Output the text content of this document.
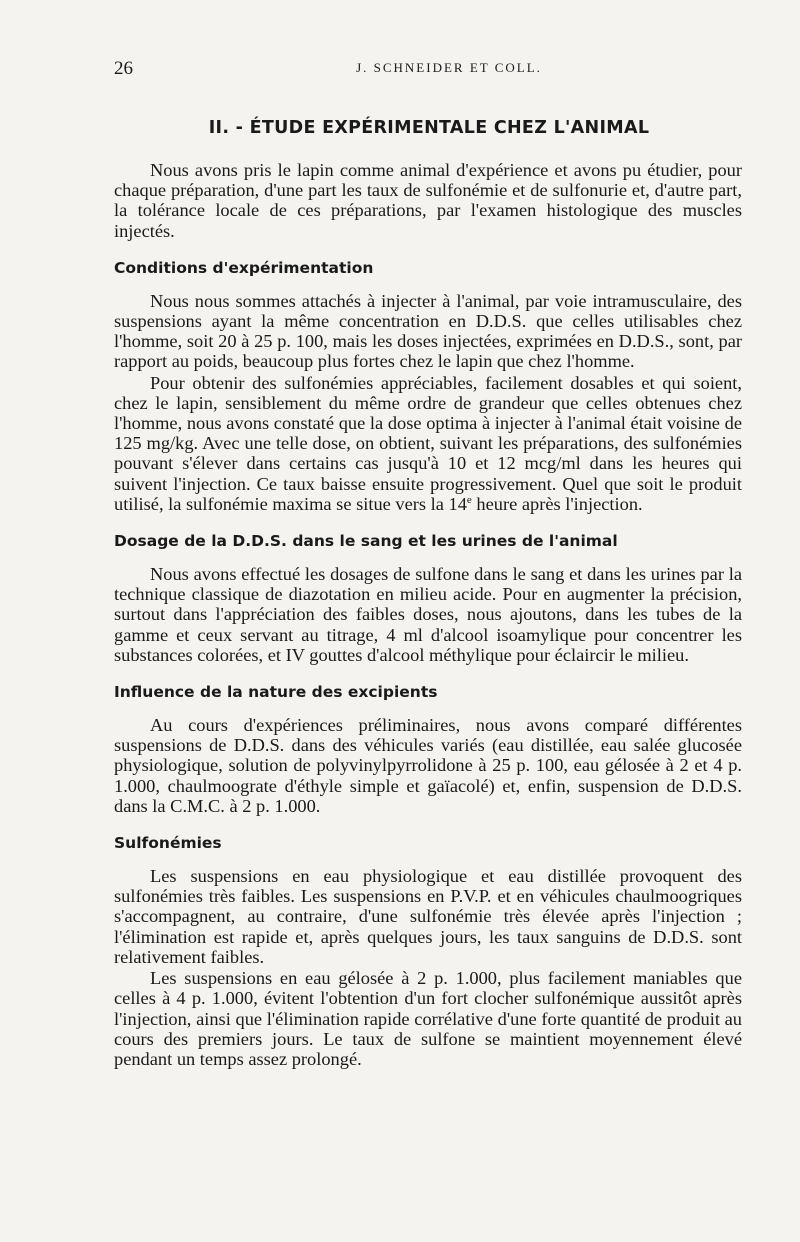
26	J. SCHNEIDER ET COLL.
II. - ÉTUDE EXPÉRIMENTALE CHEZ L'ANIMAL

Nous avons pris le lapin comme animal d'expérience et avons pu étudier, pour chaque préparation, d'une part les taux de sulfonémie et de sulfonurie et, d'autre part, la tolérance locale de ces préparations, par l'examen histologique des muscles injectés.

Conditions d'expérimentation

Nous nous sommes attachés à injecter à l'animal, par voie intramusculaire, des suspensions ayant la même concentration en D.D.S. que celles utilisables chez l'homme, soit 20 à 25 p. 100, mais les doses injectées, exprimées en D.D.S., sont, par rapport au poids, beaucoup plus fortes chez le lapin que chez l'homme.

Pour obtenir des sulfonémies appréciables, facilement dosables et qui soient, chez le lapin, sensiblement du même ordre de grandeur que celles obtenues chez l'homme, nous avons constaté que la dose optima à injecter à l'animal était voisine de 125 mg/kg. Avec une telle dose, on obtient, suivant les préparations, des sulfonémies pouvant s'élever dans certains cas jusqu'à 10 et 12 mcg/ml dans les heures qui suivent l'injection. Ce taux baisse ensuite progressivement. Quel que soit le produit utilisé, la sulfonémie maxima se situe vers la 14e heure après l'injection.

Dosage de la D.D.S. dans le sang et les urines de l'animal

Nous avons effectué les dosages de sulfone dans le sang et dans les urines par la technique classique de diazotation en milieu acide. Pour en augmenter la précision, surtout dans l'appréciation des faibles doses, nous ajoutons, dans les tubes de la gamme et ceux servant au titrage, 4 ml d'alcool isoamylique pour concentrer les substances colorées, et IV gouttes d'alcool méthylique pour éclaircir le milieu.

Influence de la nature des excipients

Au cours d'expériences préliminaires, nous avons comparé différentes suspensions de D.D.S. dans des véhicules variés (eau distillée, eau salée glucosée physiologique, solution de polyvinylpyrrolidone à 25 p. 100, eau gélosée à 2 et 4 p. 1.000, chaulmoograte d'éthyle simple et gaïacolé) et, enfin, suspension de D.D.S. dans la C.M.C. à 2 p. 1.000.

Sulfonémies

Les suspensions en eau physiologique et eau distillée provoquent des sulfonémies très faibles. Les suspensions en P.V.P. et en véhicules chaulmoogriques s'accompagnent, au contraire, d'une sulfonémie très élevée après l'injection ; l'élimination est rapide et, après quelques jours, les taux sanguins de D.D.S. sont relativement faibles.

Les suspensions en eau gélosée à 2 p. 1.000, plus facilement maniables que celles à 4 p. 1.000, évitent l'obtention d'un fort clocher sulfonémique aussitôt après l'injection, ainsi que l'élimination rapide corrélative d'une forte quantité de produit au cours des premiers jours. Le taux de sulfone se maintient moyennement élevé pendant un temps assez prolongé.
